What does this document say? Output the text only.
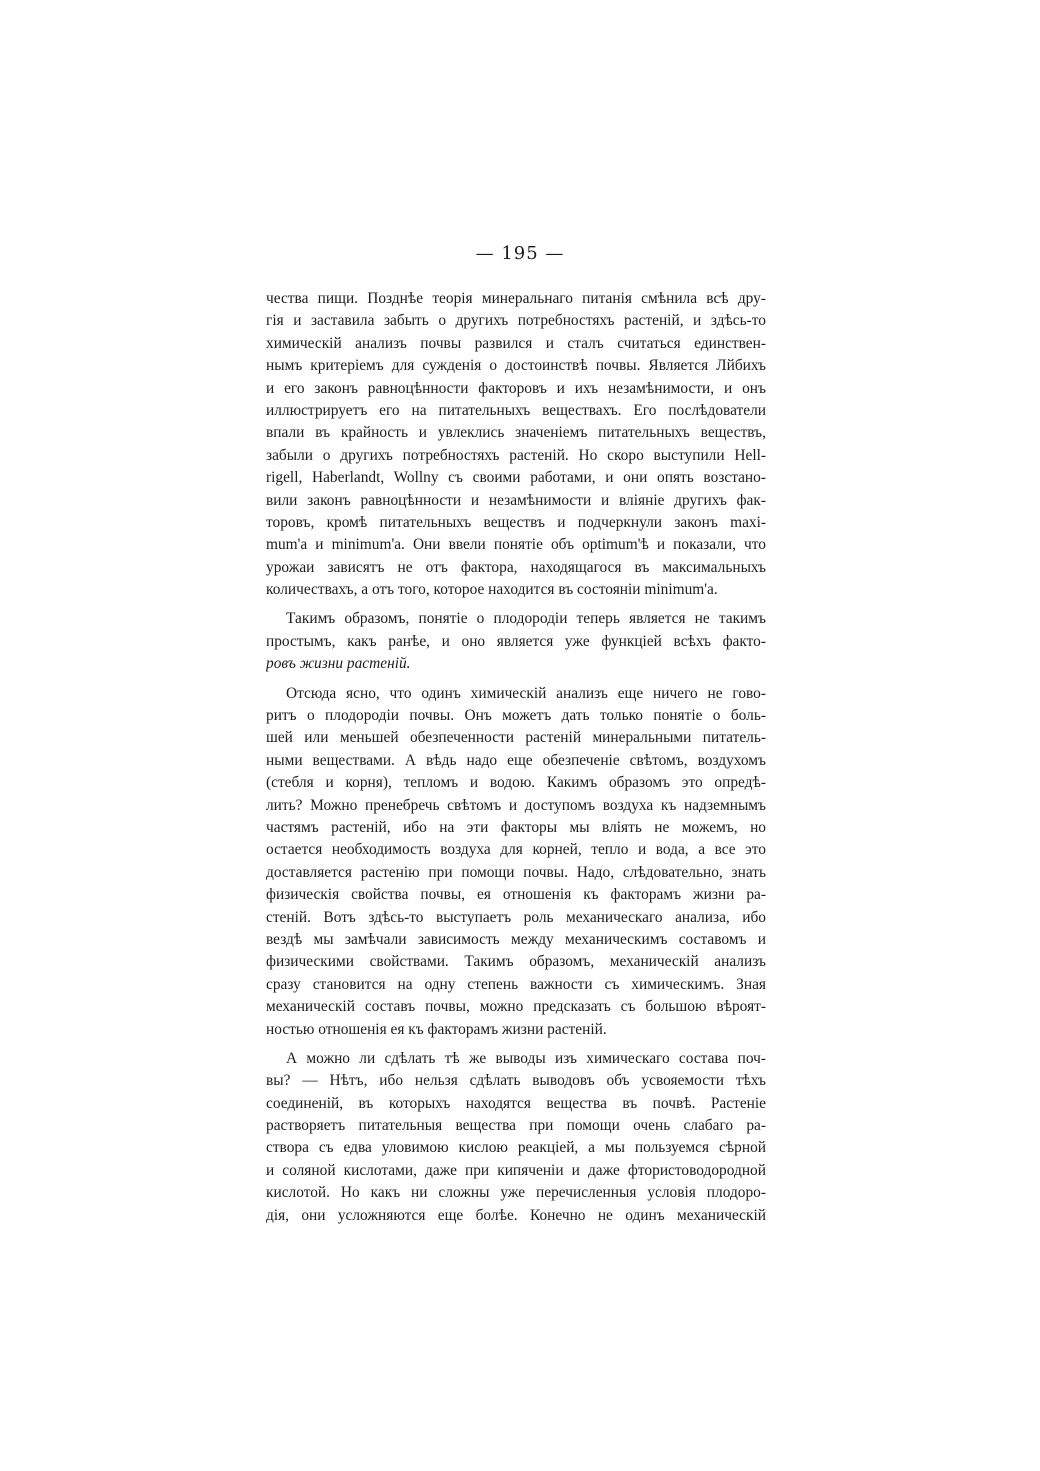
— 195 —
чества пищи. Позднѣе теорія минеральнаго питанія смѣнила всѣ дру-
гія и заставила забыть о другихъ потребностяхъ растеній, и здѣсь-то
химическій анализъ почвы развился и сталъ считаться единствен-
нымъ критеріемъ для сужденія о достоинствѣ почвы. Является Лйбихъ
и его законъ равноцѣнности факторовъ и ихъ незамѣнимости, и онъ
иллюстрируетъ его на питательныхъ веществахъ. Его послѣдователи
впали въ крайность и увлеклись значеніемъ питательныхъ веществъ,
забыли о другихъ потребностяхъ растеній. Но скоро выступили Hell-
rigell, Haberlandt, Wollny съ своими работами, и они опять возстано-
вили законъ равноцѣнности и незамѣнимости и вліяніе другихъ фак-
торовъ, кромѣ питательныхъ веществъ и подчеркнули законъ maxi-
mum'a и minimum'a. Они ввели понятіе объ optimum'ѣ и показали, что
урожаи зависятъ не отъ фактора, находящагося въ максимальныхъ
количествахъ, а отъ того, которое находится въ состояніи minimum'a.
Такимъ образомъ, понятіе о плодородіи теперь является не такимъ
простымъ, какъ ранѣе, и оно является уже функціей всѣхъ факто-
ровъ жизни растеній.
Отсюда ясно, что одинъ химическій анализъ еще ничего не гово-
ритъ о плодородіи почвы. Онъ можетъ дать только понятіе о боль-
шей или меньшей обезпеченности растеній минеральными питатель-
ными веществами. А вѣдь надо еще обезпеченіе свѣтомъ, воздухомъ
(стебля и корня), тепломъ и водою. Какимъ образомъ это опредѣ-
лить? Можно пренебречь свѣтомъ и доступомъ воздуха къ надземнымъ
частямъ растеній, ибо на эти факторы мы вліять не можемъ, но
остается необходимость воздуха для корней, тепло и вода, а все это
доставляется растенію при помощи почвы. Надо, слѣдовательно, знать
физическія свойства почвы, ея отношенія къ факторамъ жизни ра-
стеній. Вотъ здѣсь-то выступаетъ роль механическаго анализа, ибо
вездѣ мы замѣчали зависимость между механическимъ составомъ и
физическими свойствами. Такимъ образомъ, механическій анализъ
сразу становится на одну степень важности съ химическимъ. Зная
механическій составъ почвы, можно предсказать съ большою вѣроят-
ностью отношенія ея къ факторамъ жизни растеній.
А можно ли сдѣлать тѣ же выводы изъ химическаго состава поч-
вы? — Нѣтъ, ибо нельзя сдѣлать выводовъ объ усвояемости тѣхъ
соединеній, въ которыхъ находятся вещества въ почвѣ. Растеніе
растворяетъ питательныя вещества при помощи очень слабаго ра-
створа съ едва уловимою кислою реакціей, а мы пользуемся сѣрной
и соляной кислотами, даже при кипяченіи и даже фтористоводородной
кислотой. Но какъ ни сложны уже перечисленныя условія плодоро-
дія, они усложняются еще болѣе. Конечно не одинъ механическій
